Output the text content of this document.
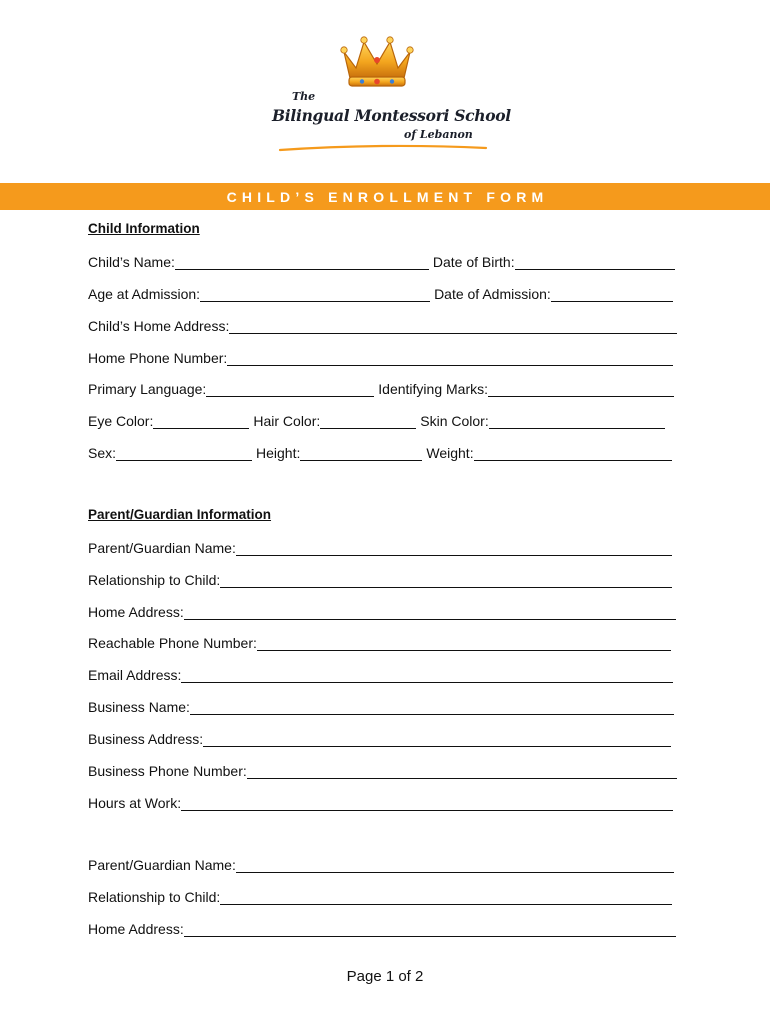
The
Bilingual Montessori School
of Lebanon
CHILD’S ENROLLMENT FORM
Child Information
Child’s Name:	Date of Birth:
Age at Admission:	Date of Admission:
Child’s Home Address:
Home Phone Number:
Primary Language:	Identifying Marks:
Eye Color:	Hair Color:	Skin Color:
Sex:	Height:	Weight:
Parent/Guardian Information
Parent/Guardian Name:
Relationship to Child:
Home Address:
Reachable Phone Number:
Email Address:
Business Name:
Business Address:
Business Phone Number:
Hours at Work:
Parent/Guardian Name:
Relationship to Child:
Home Address:
Page 1 of 2
